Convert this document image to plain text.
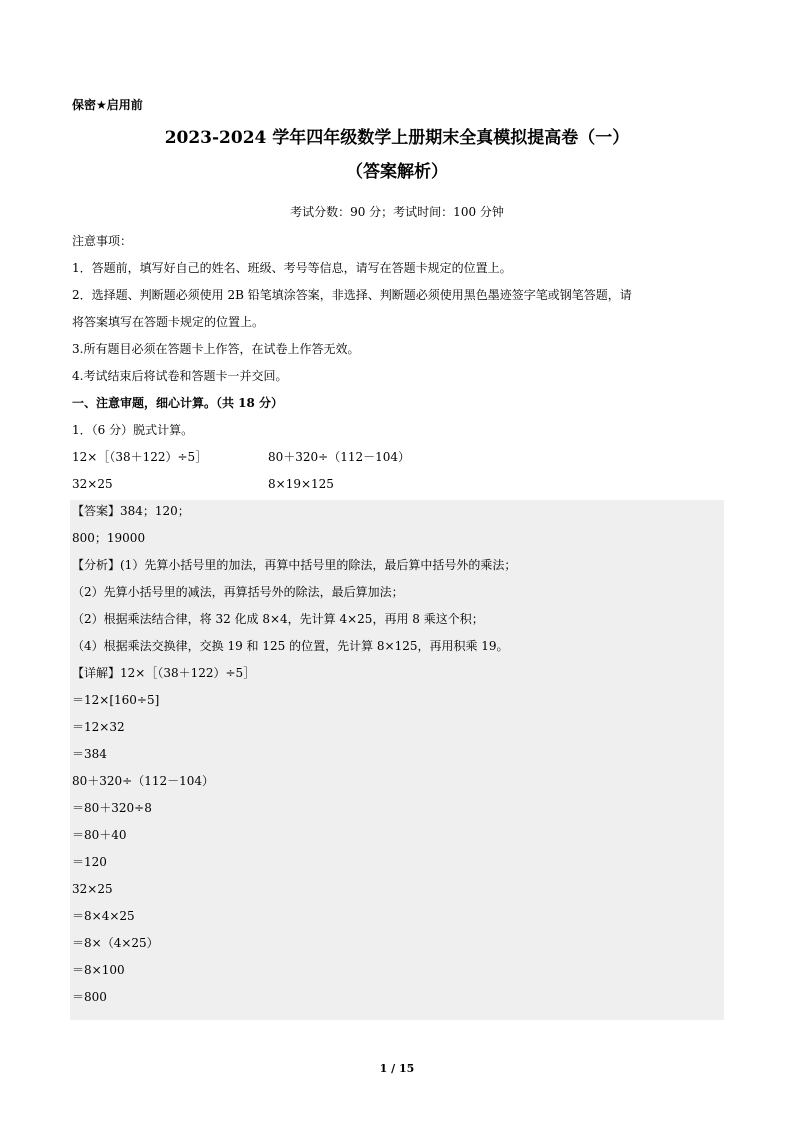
保密★启用前
2023-2024 学年四年级数学上册期末全真模拟提高卷（一）
（答案解析）
考试分数：90 分；考试时间：100 分钟
注意事项：
1．答题前，填写好自己的姓名、班级、考号等信息，请写在答题卡规定的位置上。
2．选择题、判断题必须使用 2B 铅笔填涂答案，非选择、判断题必须使用黑色墨迹签字笔或钢笔答题，请
将答案填写在答题卡规定的位置上。
3.所有题目必须在答题卡上作答，在试卷上作答无效。
4.考试结束后将试卷和答题卡一并交回。
一、注意审题，细心计算。（共 18 分）
1．（6 分）脱式计算。
12×［（38＋122）÷5］	80＋320÷（112－104）
32×25	8×19×125
【答案】384；120；
800；19000
【分析】(1）先算小括号里的加法，再算中括号里的除法，最后算中括号外的乘法；
（2）先算小括号里的减法，再算括号外的除法，最后算加法；
（2）根据乘法结合律，将 32 化成 8×4，先计算 4×25，再用 8 乘这个积；
（4）根据乘法交换律，交换 19 和 125 的位置，先计算 8×125，再用积乘 19。
【详解】12×［（38＋122）÷5］
＝12×[160÷5]
＝12×32
＝384
80＋320÷（112－104）
＝80＋320÷8
＝80＋40
＝120
32×25
＝8×4×25
＝8×（4×25）
＝8×100
＝800
1 / 15
